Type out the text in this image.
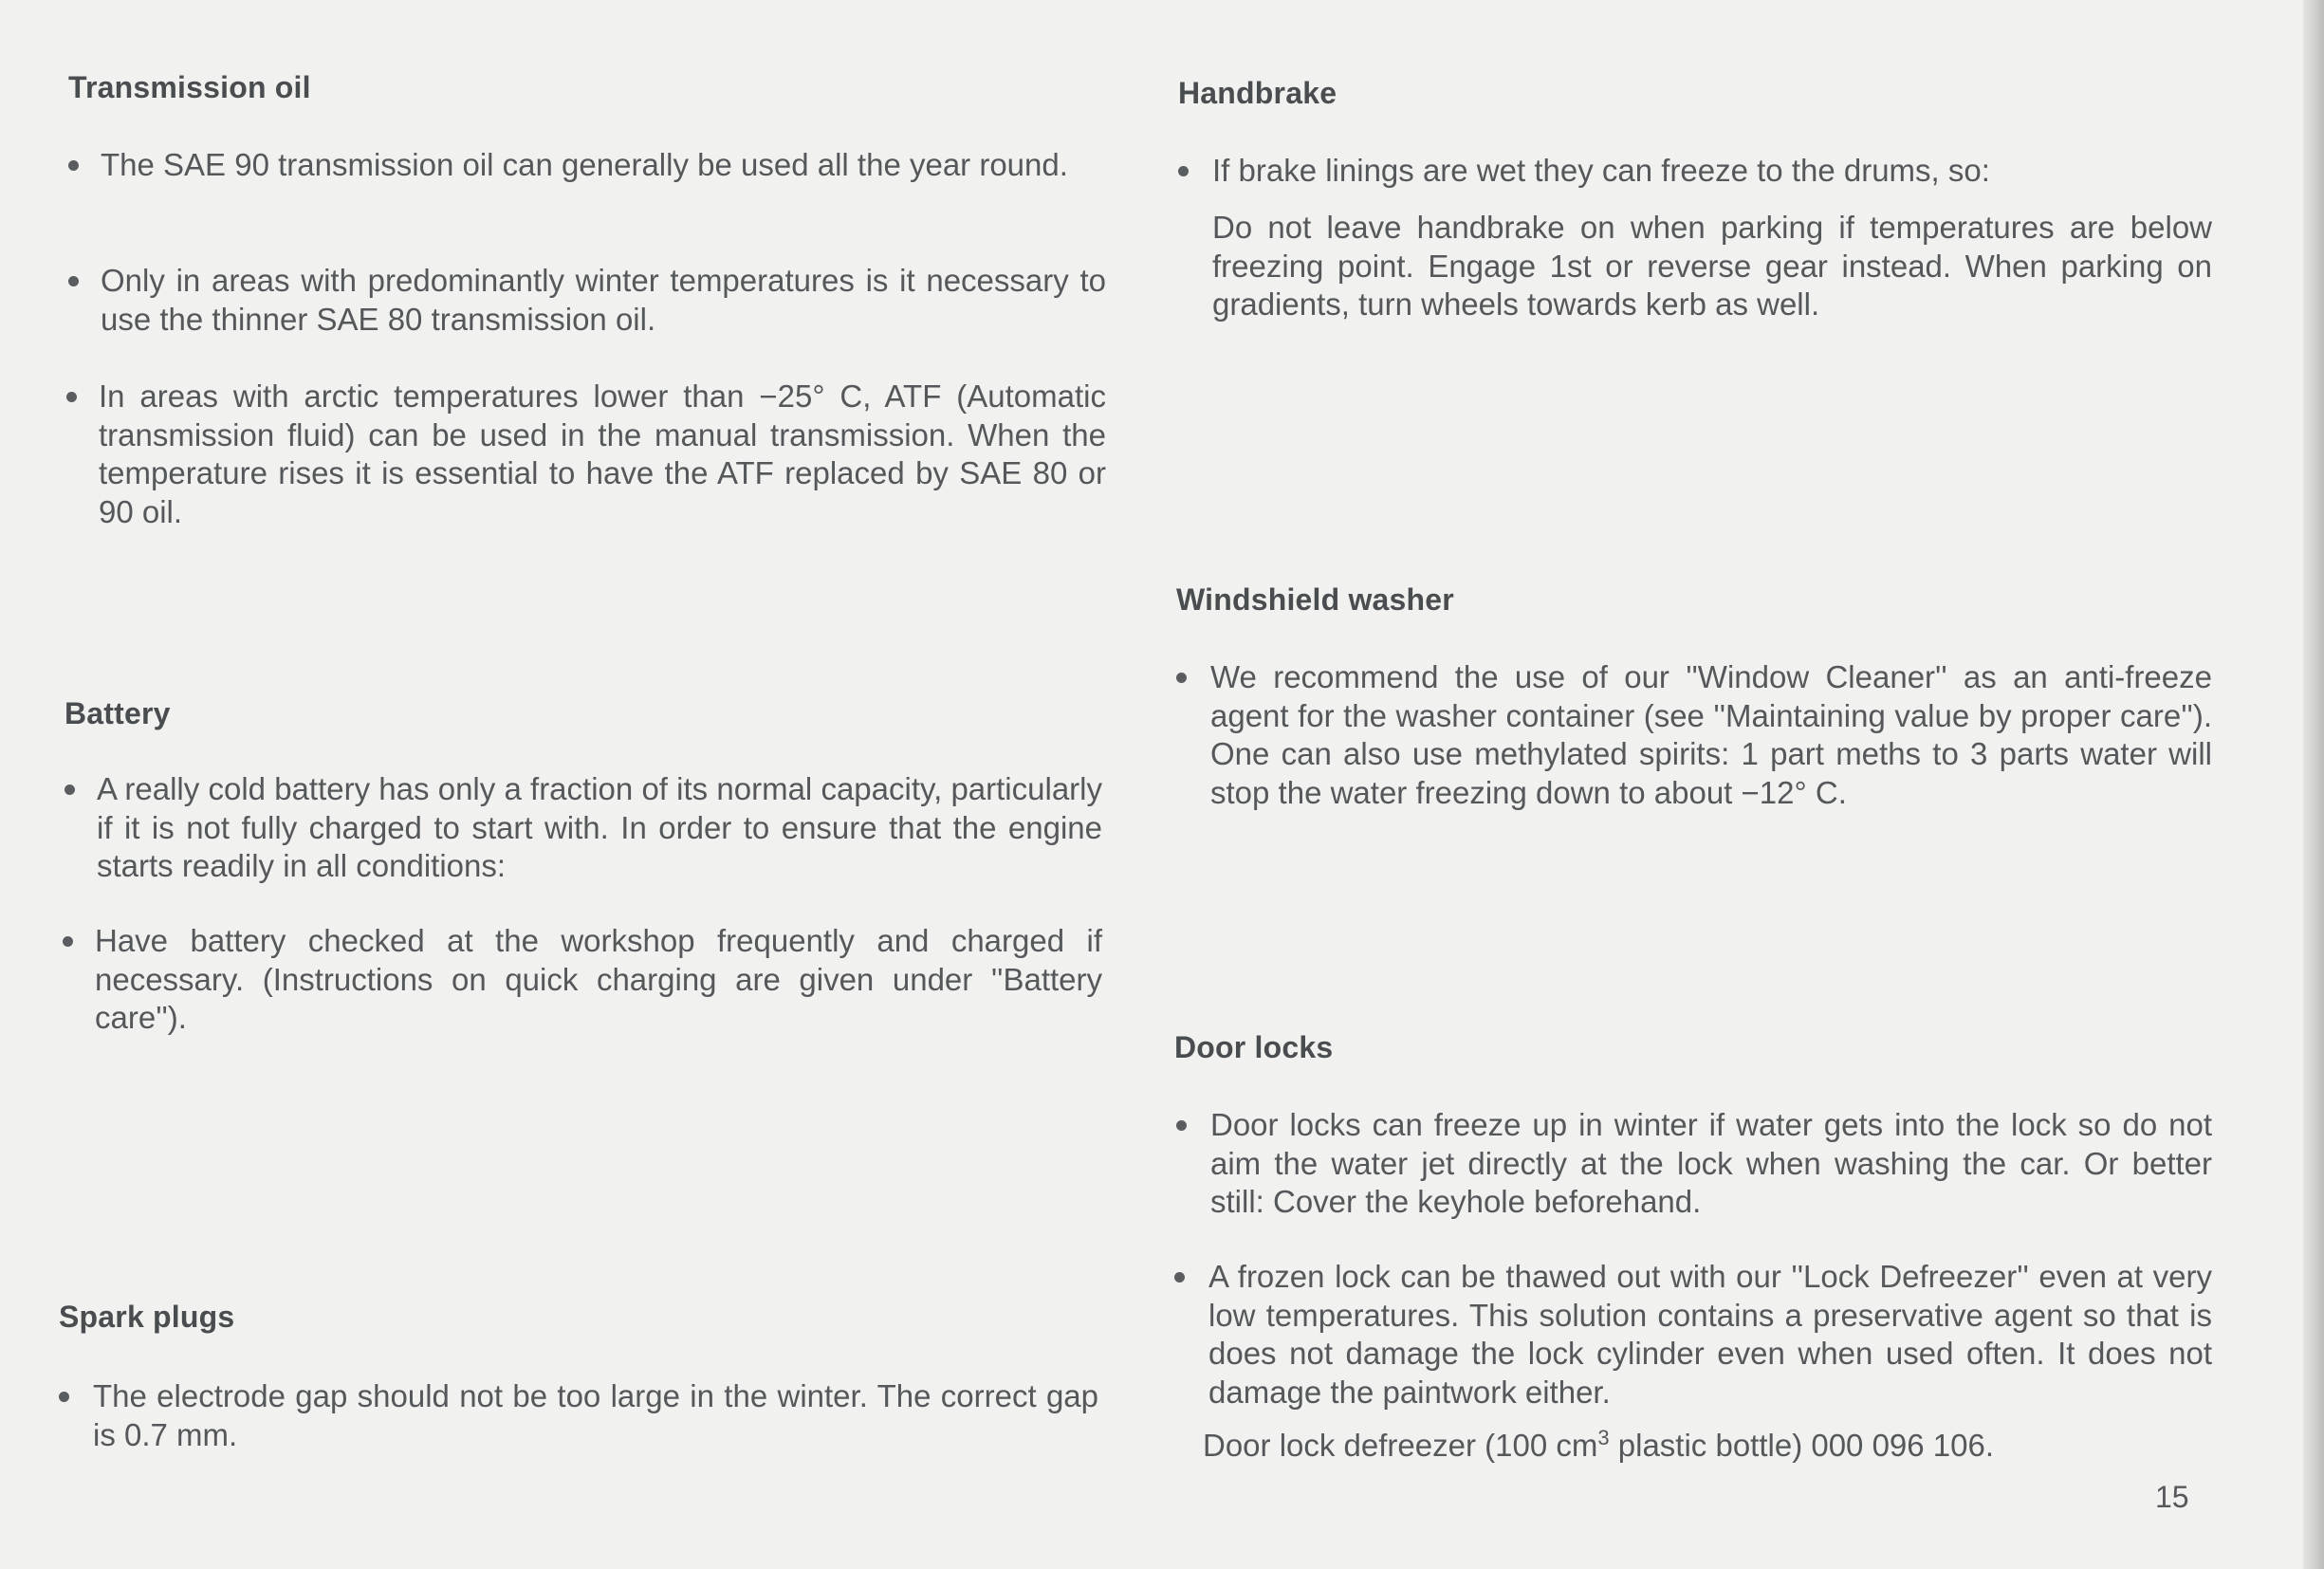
Transmission oil
The SAE 90 transmission oil can generally be used all the year round.
Only in areas with predominantly winter temperatures is it necessary to use the thinner SAE 80 transmission oil.
In areas with arctic temperatures lower than −25° C, ATF (Automatic transmission fluid) can be used in the manual transmission. When the temperature rises it is essential to have the ATF replaced by SAE 80 or 90 oil.
Battery
A really cold battery has only a fraction of its normal capacity, particularly if it is not fully charged to start with. In order to ensure that the engine starts readily in all conditions:
Have battery checked at the workshop frequently and charged if necessary. (Instructions on quick charging are given under ''Battery care'').
Spark plugs
The electrode gap should not be too large in the winter. The correct gap is 0.7 mm.
Handbrake
If brake linings are wet they can freeze to the drums, so:
Do not leave handbrake on when parking if temperatures are below freezing point. Engage 1st or reverse gear instead. When parking on gradients, turn wheels towards kerb as well.
Windshield washer
We recommend the use of our ''Window Cleaner'' as an anti-freeze agent for the washer container (see ''Maintaining value by proper care''). One can also use methylated spirits: 1 part meths to 3 parts water will stop the water freezing down to about −12° C.
Door locks
Door locks can freeze up in winter if water gets into the lock so do not aim the water jet directly at the lock when washing the car. Or better still: Cover the keyhole beforehand.
A frozen lock can be thawed out with our ''Lock Defreezer'' even at very low temperatures. This solution contains a preservative agent so that is does not damage the lock cylinder even when used often. It does not damage the paintwork either.
Door lock defreezer (100 $cm^3$ plastic bottle) 000 096 106.
15
